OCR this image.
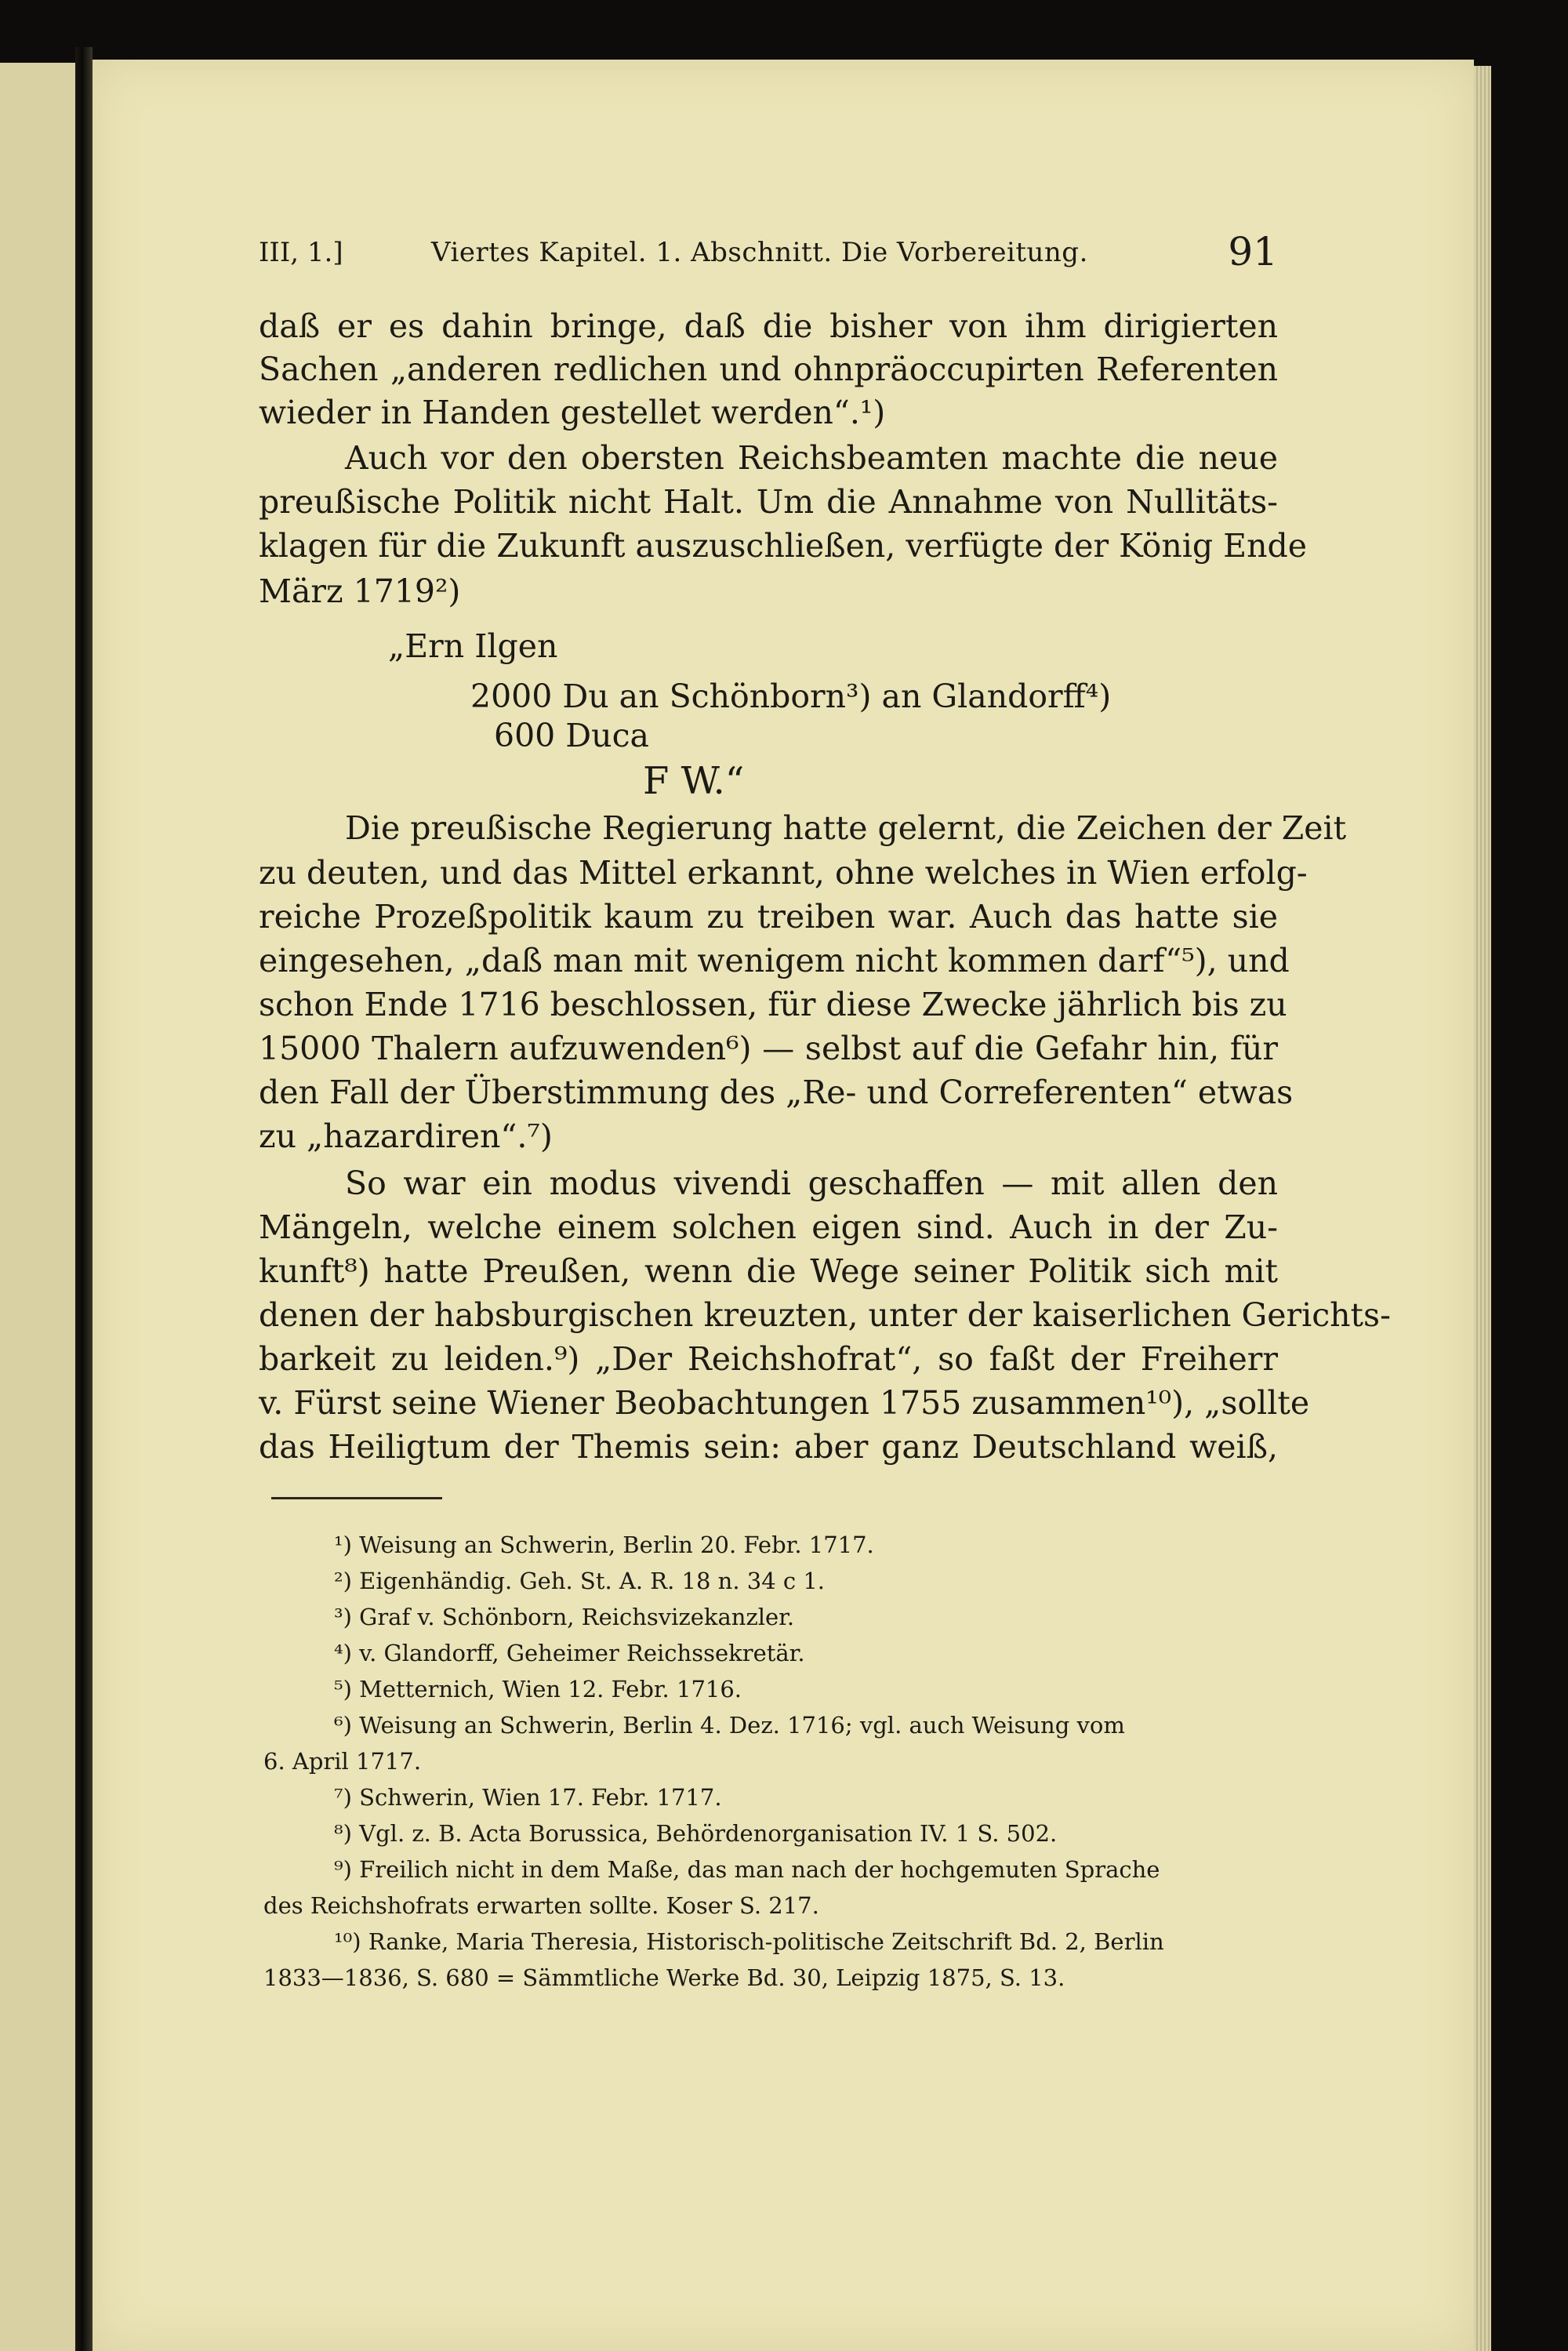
III, 1.]	Viertes Kapitel. 1. Abschnitt. Die Vorbereitung.	91
daß er es dahin bringe, daß die bisher von ihm dirigierten
Sachen „anderen redlichen und ohnpräoccupirten Referenten
wieder in Handen gestellet werden“.¹)
Auch vor den obersten Reichsbeamten machte die neue
preußische Politik nicht Halt. Um die Annahme von Nullitäts-
klagen für die Zukunft auszuschließen, verfügte der König Ende
März 1719²)
„Ern Ilgen
2000 Du an Schönborn³) an Glandorff⁴)
600 Duca
F W.“
Die preußische Regierung hatte gelernt, die Zeichen der Zeit
zu deuten, und das Mittel erkannt, ohne welches in Wien erfolg-
reiche Prozeßpolitik kaum zu treiben war. Auch das hatte sie
eingesehen, „daß man mit wenigem nicht kommen darf“⁵), und
schon Ende 1716 beschlossen, für diese Zwecke jährlich bis zu
15000 Thalern aufzuwenden⁶) — selbst auf die Gefahr hin, für
den Fall der Überstimmung des „Re- und Correferenten“ etwas
zu „hazardiren“.⁷)
So war ein modus vivendi geschaffen — mit allen den
Mängeln, welche einem solchen eigen sind. Auch in der Zu-
kunft⁸) hatte Preußen, wenn die Wege seiner Politik sich mit
denen der habsburgischen kreuzten, unter der kaiserlichen Gerichts-
barkeit zu leiden.⁹) „Der Reichshofrat“, so faßt der Freiherr
v. Fürst seine Wiener Beobachtungen 1755 zusammen¹⁰), „sollte
das Heiligtum der Themis sein: aber ganz Deutschland weiß,
¹) Weisung an Schwerin, Berlin 20. Febr. 1717.
²) Eigenhändig. Geh. St. A. R. 18 n. 34 c 1.
³) Graf v. Schönborn, Reichsvizekanzler.
⁴) v. Glandorff, Geheimer Reichssekretär.
⁵) Metternich, Wien 12. Febr. 1716.
⁶) Weisung an Schwerin, Berlin 4. Dez. 1716; vgl. auch Weisung vom
6. April 1717.
⁷) Schwerin, Wien 17. Febr. 1717.
⁸) Vgl. z. B. Acta Borussica, Behördenorganisation IV. 1 S. 502.
⁹) Freilich nicht in dem Maße, das man nach der hochgemuten Sprache
des Reichshofrats erwarten sollte. Koser S. 217.
¹⁰) Ranke, Maria Theresia, Historisch-politische Zeitschrift Bd. 2, Berlin
1833—1836, S. 680 = Sämmtliche Werke Bd. 30, Leipzig 1875, S. 13.
